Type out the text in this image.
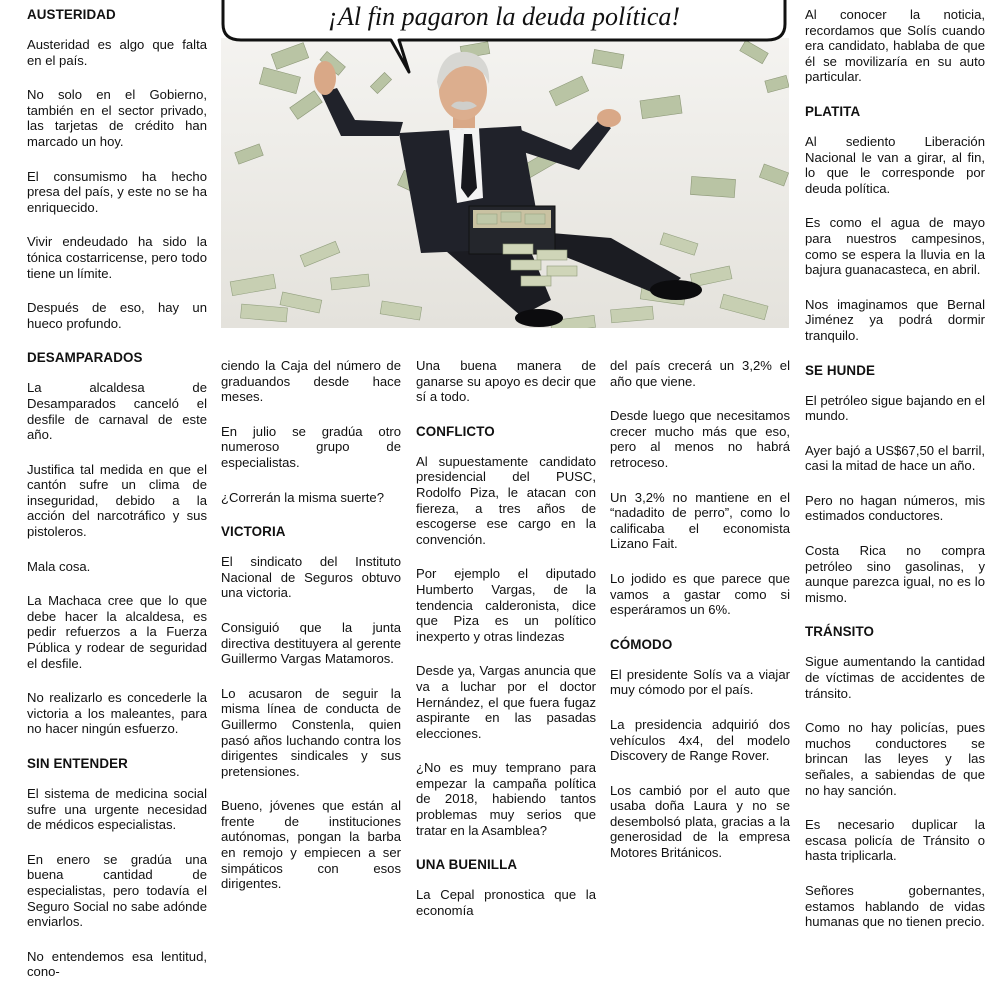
AUSTERIDAD

Austeridad es algo que falta en el país.

No solo en el Gobierno, también en el sector privado, las tarjetas de crédito han marcado un hoy.

El consumismo ha hecho presa del país, y este no se ha enriquecido.

Vivir endeudado ha sido la tónica costarricense, pero todo tiene un límite.

Después de eso, hay un hueco profundo.

DESAMPARADOS

La alcaldesa de Desamparados canceló el desfile de carnaval de este año.

Justifica tal medida en que el cantón sufre un clima de inseguridad, debido a la acción del narcotráfico y sus pistoleros.

Mala cosa.

La Machaca cree que lo que debe hacer la alcaldesa, es pedir refuerzos a la Fuerza Pública y rodear de seguridad el desfile.

No realizarlo es concederle la victoria a los maleantes, para no hacer ningún esfuerzo.

SIN ENTENDER

El sistema de medicina social sufre una urgente necesidad de médicos especialistas.

En enero se gradúa una buena cantidad de especialistas, pero todavía el Seguro Social no sabe adónde enviarlos.

No entendemos esa lentitud, cono-

ciendo la Caja del número de graduandos desde hace meses.

En julio se gradúa otro numeroso grupo de especialistas.

¿Correrán la misma suerte?

VICTORIA

El sindicato del Instituto Nacional de Seguros obtuvo una victoria.

Consiguió que la junta directiva destituyera al gerente Guillermo Vargas Matamoros.

Lo acusaron de seguir la misma línea de conducta de Guillermo Constenla, quien pasó años luchando contra los dirigentes sindicales y sus pretensiones.

Bueno, jóvenes que están al frente de instituciones autónomas, pongan la barba en remojo y empiecen a ser simpáticos con esos dirigentes.

Una buena manera de ganarse su apoyo es decir que sí a todo.

CONFLICTO

Al supuestamente candidato presidencial del PUSC, Rodolfo Piza, le atacan con fiereza, a tres años de escogerse ese cargo en la convención.

Por ejemplo el diputado Humberto Vargas, de la tendencia calderonista, dice que Piza es un político inexperto y otras lindezas

Desde ya, Vargas anuncia que va a luchar por el doctor Hernández, el que fuera fugaz aspirante en las pasadas elecciones.

¿No es muy temprano para empezar la campaña política de 2018, habiendo tantos problemas muy serios que tratar en la Asamblea?

UNA BUENILLA

La Cepal pronostica que la economía

del país crecerá un 3,2% el año que viene.

Desde luego que necesitamos crecer mucho más que eso, pero al menos no habrá retroceso.

Un 3,2% no mantiene en el “nadadito de perro”, como lo calificaba el economista Lizano Fait.

Lo jodido es que parece que vamos a gastar como si esperáramos un 6%.

CÓMODO

El presidente Solís va a viajar muy cómodo por el país.

La presidencia adquirió dos vehículos 4x4, del modelo Discovery de Range Rover.

Los cambió por el auto que usaba doña Laura y no se desembolsó plata, gracias a la generosidad de la empresa Motores Británicos.

Al conocer la noticia, recordamos que Solís cuando era candidato, hablaba de que él se movilizaría en su auto particular.

PLATITA

Al sediento Liberación Nacional le van a girar, al fin, lo que le corresponde por deuda política.

Es como el agua de mayo para nuestros campesinos, como se espera la lluvia en la bajura guanacasteca, en abril.

Nos imaginamos que Bernal Jiménez ya podrá dormir tranquilo.

SE HUNDE

El petróleo sigue bajando en el mundo.

Ayer bajó a US$67,50 el barril, casi la mitad de hace un año.

Pero no hagan números, mis estimados conductores.

Costa Rica no compra petróleo sino gasolinas, y aunque parezca igual, no es lo mismo.

TRÁNSITO

Sigue aumentando la cantidad de víctimas de accidentes de tránsito.

Como no hay policías, pues muchos conductores se brincan las leyes y las señales, a sabiendas de que no hay sanción.

Es necesario duplicar la escasa policía de Tránsito o hasta triplicarla.

Señores gobernantes, estamos hablando de vidas humanas que no tienen precio.

¡Al fin pagaron la deuda política!
